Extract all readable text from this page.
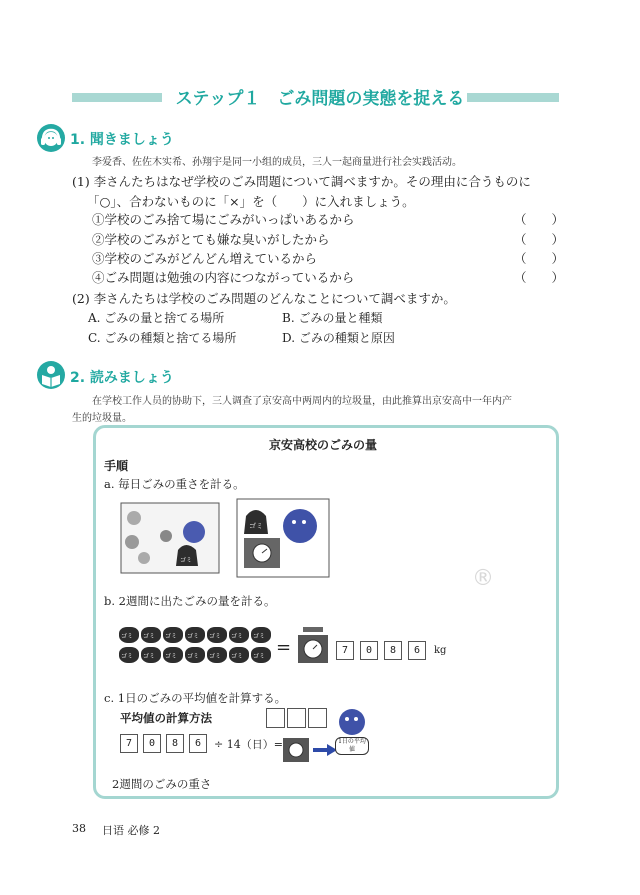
ステップ１　ごみ問題の実態を捉える
1. 聞きましょう
李爱香、佐佐木实希、孙翔宇是同一小组的成员，三人一起商量进行社会实践活动。
(1) 李さんたちはなぜ学校のごみ問題について調べますか。その理由に合うものに
「○」、合わないものに「×」を（　　）に入れましょう。
①学校のごみ捨て場にごみがいっぱいあるから	（　　）
②学校のごみがとても嫌な臭いがしたから	（　　）
③学校のごみがどんどん増えているから	（　　）
④ごみ問題は勉強の内容につながっているから	（　　）
(2) 李さんたちは学校のごみ問題のどんなことについて調べますか。
A. ごみの量と捨てる場所	B. ごみの量と種類
C. ごみの種類と捨てる場所	D. ごみの種類と原因
2. 読みましょう
在学校工作人员的协助下，三人调查了京安高中两周内的垃圾量，由此推算出京安高中一年内产
生的垃圾量。
京安高校のごみの量
手順
a. 毎日ごみの重さを計る。
ゴミ
ゴミ
b. 2週間に出たごみの量を計る。
ゴミ ゴミ ゴミ ゴミ ゴミ ゴミ ゴミ
ゴミ ゴミ ゴミ ゴミ ゴミ ゴミ ゴミ =	7	0	8	6	kg
®
c. 1日のごみの平均値を計算する。
平均値の計算方法
7	0	8	6	÷ 14（日）=	1日の平均値
2週間のごみの重さ
38 日语 必修 2
